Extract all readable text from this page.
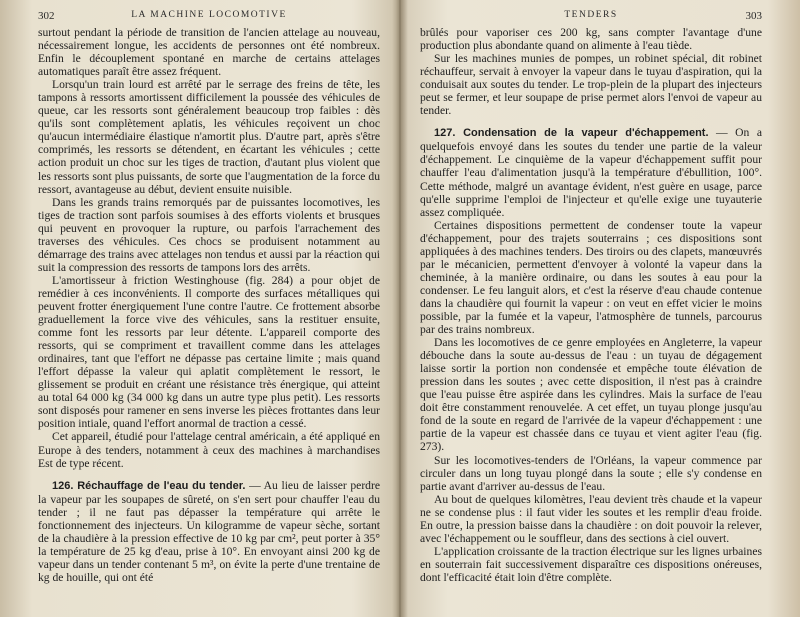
302	LA MACHINE LOCOMOTIVE

surtout pendant la période de transition de l'ancien attelage au nouveau, nécessairement longue, les accidents de personnes ont été nombreux. Enfin le découplement spontané en marche de certains attelages automatiques paraît être assez fréquent.

Lorsqu'un train lourd est arrêté par le serrage des freins de tête, les tampons à ressorts amortissent difficilement la poussée des véhicules de queue, car les ressorts sont généralement beaucoup trop faibles : dès qu'ils sont complètement aplatis, les véhicules reçoivent un choc qu'aucun intermédiaire élastique n'amortit plus. D'autre part, après s'être comprimés, les ressorts se détendent, en écartant les véhicules ; cette action produit un choc sur les tiges de traction, d'autant plus violent que les ressorts sont plus puissants, de sorte que l'augmentation de la force du ressort, avantageuse au début, devient ensuite nuisible.

Dans les grands trains remorqués par de puissantes locomotives, les tiges de traction sont parfois soumises à des efforts violents et brusques qui peuvent en provoquer la rupture, ou parfois l'arrachement des traverses des véhicules. Ces chocs se produisent notamment au démarrage des trains avec attelages non tendus et aussi par la réaction qui suit la compression des ressorts de tampons lors des arrêts.

L'amortisseur à friction Westinghouse (fig. 284) a pour objet de remédier à ces inconvénients. Il comporte des surfaces métalliques qui peuvent frotter énergiquement l'une contre l'autre. Ce frottement absorbe graduellement la force vive des véhicules, sans la restituer ensuite, comme font les ressorts par leur détente. L'appareil comporte des ressorts, qui se compriment et travaillent comme dans les attelages ordinaires, tant que l'effort ne dépasse pas certaine limite ; mais quand l'effort dépasse la valeur qui aplatit complètement le ressort, le glissement se produit en créant une résistance très énergique, qui atteint au total 64 000 kg (34 000 kg dans un autre type plus petit). Les ressorts sont disposés pour ramener en sens inverse les pièces frottantes dans leur position intiale, quand l'effort anormal de traction a cessé.

Cet appareil, étudié pour l'attelage central américain, a été appliqué en Europe à des tenders, notamment à ceux des machines à marchandises Est de type récent.

126. Réchauffage de l'eau du tender. — Au lieu de laisser perdre la vapeur par les soupapes de sûreté, on s'en sert pour chauffer l'eau du tender ; il ne faut pas dépasser la température qui arrête le fonctionnement des injecteurs. Un kilogramme de vapeur sèche, sortant de la chaudière à la pression effective de 10 kg par cm², peut porter à 35° la température de 25 kg d'eau, prise à 10°. En envoyant ainsi 200 kg de vapeur dans un tender contenant 5 m³, on évite la perte d'une trentaine de kg de houille, qui ont été

TENDERS	303

brûlés pour vaporiser ces 200 kg, sans compter l'avantage d'une production plus abondante quand on alimente à l'eau tiède.

Sur les machines munies de pompes, un robinet spécial, dit robinet réchauffeur, servait à envoyer la vapeur dans le tuyau d'aspiration, qui la conduisait aux soutes du tender. Le trop-plein de la plupart des injecteurs peut se fermer, et leur soupape de prise permet alors l'envoi de vapeur au tender.

127. Condensation de la vapeur d'échappement. — On a quelquefois envoyé dans les soutes du tender une partie de la valeur d'échappement. Le cinquième de la vapeur d'échappement suffit pour chauffer l'eau d'alimentation jusqu'à la température d'ébullition, 100°. Cette méthode, malgré un avantage évident, n'est guère en usage, parce qu'elle supprime l'emploi de l'injecteur et qu'elle exige une tuyauterie assez compliquée.

Certaines dispositions permettent de condenser toute la vapeur d'échappement, pour des trajets souterrains ; ces dispositions sont appliquées à des machines tenders. Des tiroirs ou des clapets, manœuvrés par le mécanicien, permettent d'envoyer à volonté la vapeur dans la cheminée, à la manière ordinaire, ou dans les soutes à eau pour la condenser. Le feu languit alors, et c'est la réserve d'eau chaude contenue dans la chaudière qui fournit la vapeur : on veut en effet vicier le moins possible, par la fumée et la vapeur, l'atmosphère de tunnels, parcourus par des trains nombreux.

Dans les locomotives de ce genre employées en Angleterre, la vapeur débouche dans la soute au-dessus de l'eau : un tuyau de dégagement laisse sortir la portion non condensée et empêche toute élévation de pression dans les soutes ; avec cette disposition, il n'est pas à craindre que l'eau puisse être aspirée dans les cylindres. Mais la surface de l'eau doit être constamment renouvelée. A cet effet, un tuyau plonge jusqu'au fond de la soute en regard de l'arrivée de la vapeur d'échappement : une partie de la vapeur est chassée dans ce tuyau et vient agiter l'eau (fig. 273).

Sur les locomotives-tenders de l'Orléans, la vapeur commence par circuler dans un long tuyau plongé dans la soute ; elle s'y condense en partie avant d'arriver au-dessus de l'eau.

Au bout de quelques kilomètres, l'eau devient très chaude et la vapeur ne se condense plus : il faut vider les soutes et les remplir d'eau froide. En outre, la pression baisse dans la chaudière : on doit pouvoir la relever, avec l'échappement ou le souffleur, dans des sections à ciel ouvert.

L'application croissante de la traction électrique sur les lignes urbaines en souterrain fait successivement disparaître ces dispositions onéreuses, dont l'efficacité était loin d'être complète.
